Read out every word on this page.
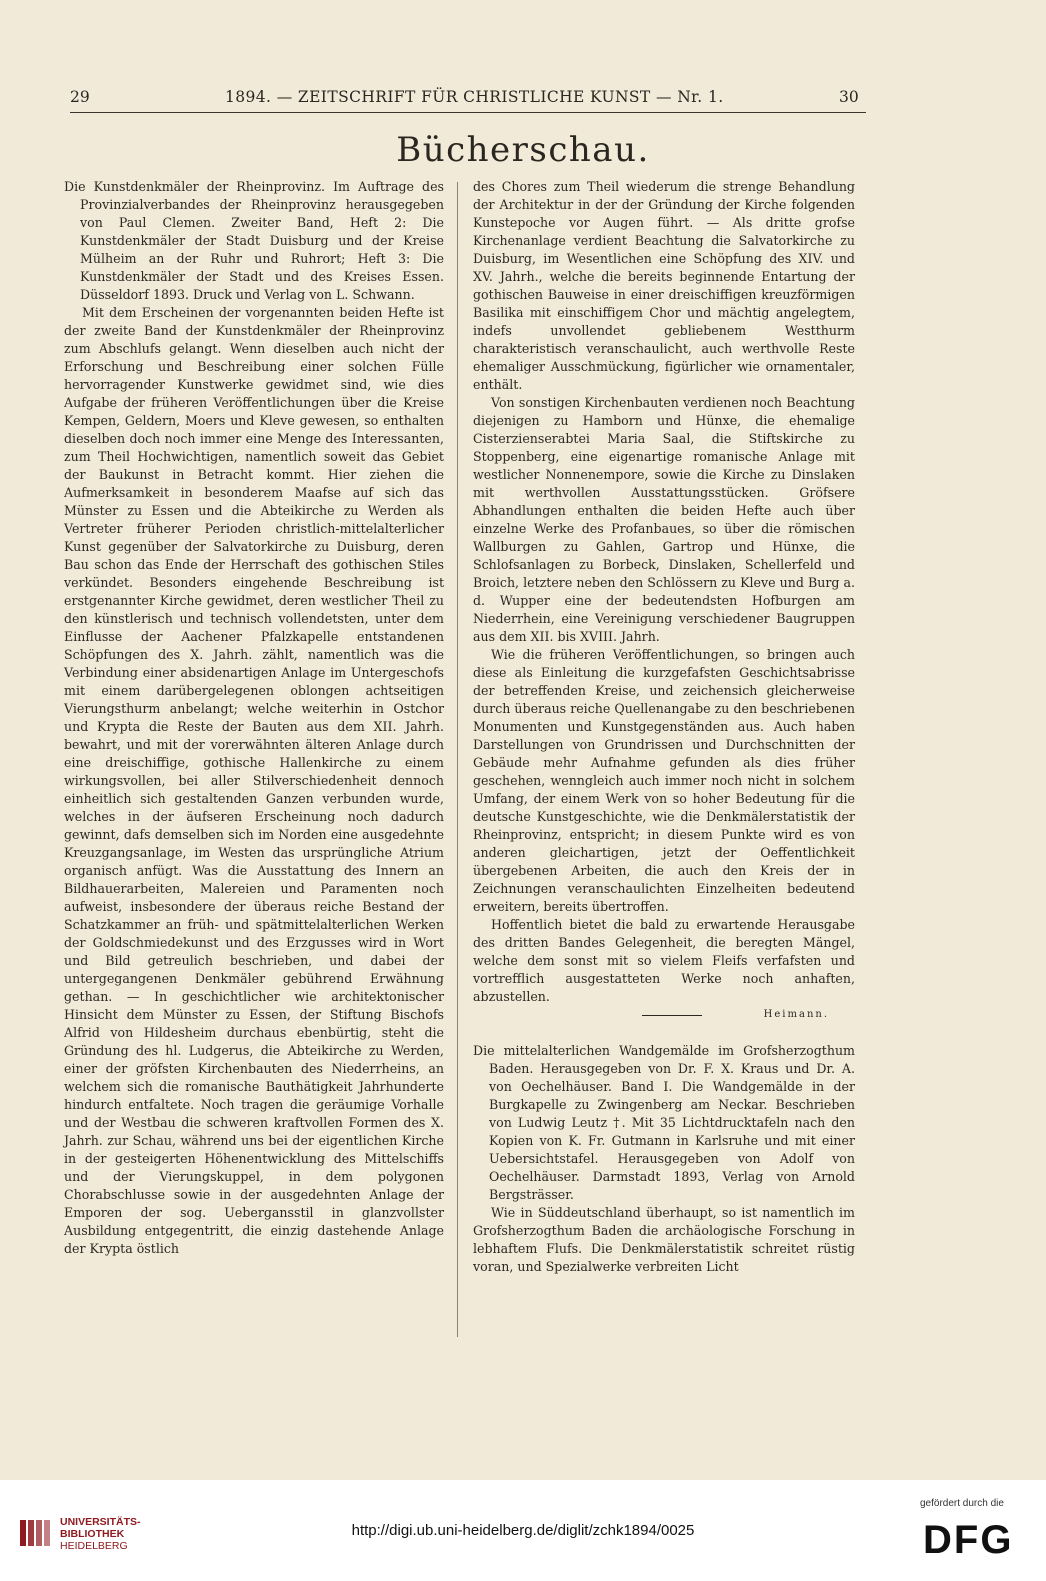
29	1894. — ZEITSCHRIFT FÜR CHRISTLICHE KUNST — Nr. 1.	30
Bücherschau.

Die Kunstdenkmäler der Rheinprovinz. Im Auftrage des Provinzialverbandes der Rheinprovinz herausgegeben von Paul Clemen. Zweiter Band, Heft 2: Die Kunstdenkmäler der Stadt Duisburg und der Kreise Mülheim an der Ruhr und Ruhrort; Heft 3: Die Kunstdenkmäler der Stadt und des Kreises Essen. Düsseldorf 1893. Druck und Verlag von L. Schwann.

Mit dem Erscheinen der vorgenannten beiden Hefte ist der zweite Band der Kunstdenkmäler der Rheinprovinz zum Abschlufs gelangt. Wenn dieselben auch nicht der Erforschung und Beschreibung einer solchen Fülle hervorragender Kunstwerke gewidmet sind, wie dies Aufgabe der früheren Veröffentlichungen über die Kreise Kempen, Geldern, Moers und Kleve gewesen, so enthalten dieselben doch noch immer eine Menge des Interessanten, zum Theil Hochwichtigen, namentlich soweit das Gebiet der Baukunst in Betracht kommt. Hier ziehen die Aufmerksamkeit in besonderem Maafse auf sich das Münster zu Essen und die Abteikirche zu Werden als Vertreter früherer Perioden christlich-mittelalterlicher Kunst gegenüber der Salvatorkirche zu Duisburg, deren Bau schon das Ende der Herrschaft des gothischen Stiles verkündet. Besonders eingehende Beschreibung ist erstgenannter Kirche gewidmet, deren westlicher Theil zu den künstlerisch und technisch vollendetsten, unter dem Einflusse der Aachener Pfalzkapelle entstandenen Schöpfungen des X. Jahrh. zählt, namentlich was die Verbindung einer absidenartigen Anlage im Untergeschofs mit einem darübergelegenen oblongen achtseitigen Vierungsthurm anbelangt; welche weiterhin in Ostchor und Krypta die Reste der Bauten aus dem XII. Jahrh. bewahrt, und mit der vorerwähnten älteren Anlage durch eine dreischiffige, gothische Hallenkirche zu einem wirkungsvollen, bei aller Stilverschiedenheit dennoch einheitlich sich gestaltenden Ganzen verbunden wurde, welches in der äufseren Erscheinung noch dadurch gewinnt, dafs demselben sich im Norden eine ausgedehnte Kreuzgangsanlage, im Westen das ursprüngliche Atrium organisch anfügt. Was die Ausstattung des Innern an Bildhauerarbeiten, Malereien und Paramenten noch aufweist, insbesondere der überaus reiche Bestand der Schatzkammer an früh- und spätmittelalterlichen Werken der Goldschmiedekunst und des Erzgusses wird in Wort und Bild getreulich beschrieben, und dabei der untergegangenen Denkmäler gebührend Erwähnung gethan. — In geschichtlicher wie architektonischer Hinsicht dem Münster zu Essen, der Stiftung Bischofs Alfrid von Hildesheim durchaus ebenbürtig, steht die Gründung des hl. Ludgerus, die Abteikirche zu Werden, einer der gröfsten Kirchenbauten des Niederrheins, an welchem sich die romanische Bauthätigkeit Jahrhunderte hindurch entfaltete. Noch tragen die geräumige Vorhalle und der Westbau die schweren kraftvollen Formen des X. Jahrh. zur Schau, während uns bei der eigentlichen Kirche in der gesteigerten Höhenentwicklung des Mittelschiffs und der Vierungskuppel, in dem polygonen Chorabschlusse sowie in der ausgedehnten Anlage der Emporen der sog. Uebergansstil in glanzvollster Ausbildung entgegentritt, die einzig dastehende Anlage der Krypta östlich

des Chores zum Theil wiederum die strenge Behandlung der Architektur in der der Gründung der Kirche folgenden Kunstepoche vor Augen führt. — Als dritte grofse Kirchenanlage verdient Beachtung die Salvatorkirche zu Duisburg, im Wesentlichen eine Schöpfung des XIV. und XV. Jahrh., welche die bereits beginnende Entartung der gothischen Bauweise in einer dreischiffigen kreuzförmigen Basilika mit einschiffigem Chor und mächtig angelegtem, indefs unvollendet gebliebenem Westthurm charakteristisch veranschaulicht, auch werthvolle Reste ehemaliger Ausschmückung, figürlicher wie ornamentaler, enthält.

Von sonstigen Kirchenbauten verdienen noch Beachtung diejenigen zu Hamborn und Hünxe, die ehemalige Cisterzienserabtei Maria Saal, die Stiftskirche zu Stoppenberg, eine eigenartige romanische Anlage mit westlicher Nonnenempore, sowie die Kirche zu Dinslaken mit werthvollen Ausstattungsstücken. Gröfsere Abhandlungen enthalten die beiden Hefte auch über einzelne Werke des Profanbaues, so über die römischen Wallburgen zu Gahlen, Gartrop und Hünxe, die Schlofsanlagen zu Borbeck, Dinslaken, Schellerfeld und Broich, letztere neben den Schlössern zu Kleve und Burg a. d. Wupper eine der bedeutendsten Hofburgen am Niederrhein, eine Vereinigung verschiedener Baugruppen aus dem XII. bis XVIII. Jahrh.

Wie die früheren Veröffentlichungen, so bringen auch diese als Einleitung die kurzgefafsten Geschichtsabrisse der betreffenden Kreise, und zeichensich gleicherweise durch überaus reiche Quellenangabe zu den beschriebenen Monumenten und Kunstgegenständen aus. Auch haben Darstellungen von Grundrissen und Durchschnitten der Gebäude mehr Aufnahme gefunden als dies früher geschehen, wenngleich auch immer noch nicht in solchem Umfang, der einem Werk von so hoher Bedeutung für die deutsche Kunstgeschichte, wie die Denkmälerstatistik der Rheinprovinz, entspricht; in diesem Punkte wird es von anderen gleichartigen, jetzt der Oeffentlichkeit übergebenen Arbeiten, die auch den Kreis der in Zeichnungen veranschaulichten Einzelheiten bedeutend erweitern, bereits übertroffen.

Hoffentlich bietet die bald zu erwartende Herausgabe des dritten Bandes Gelegenheit, die beregten Mängel, welche dem sonst mit so vielem Fleifs verfafsten und vortrefflich ausgestatteten Werke noch anhaften, abzustellen.

Heimann.

Die mittelalterlichen Wandgemälde im Grofsherzogthum Baden. Herausgegeben von Dr. F. X. Kraus und Dr. A. von Oechelhäuser. Band I. Die Wandgemälde in der Burgkapelle zu Zwingenberg am Neckar. Beschrieben von Ludwig Leutz †. Mit 35 Lichtdrucktafeln nach den Kopien von K. Fr. Gutmann in Karlsruhe und mit einer Uebersichtstafel. Herausgegeben von Adolf von Oechelhäuser. Darmstadt 1893, Verlag von Arnold Bergsträsser.

Wie in Süddeutschland überhaupt, so ist namentlich im Grofsherzogthum Baden die archäologische Forschung in lebhaftem Flufs. Die Denkmälerstatistik schreitet rüstig voran, und Spezialwerke verbreiten Licht

UNIVERSITÄTS-
BIBLIOTHEK
HEIDELBERG
http://digi.ub.uni-heidelberg.de/diglit/zchk1894/0025
gefördert durch die
DFG
